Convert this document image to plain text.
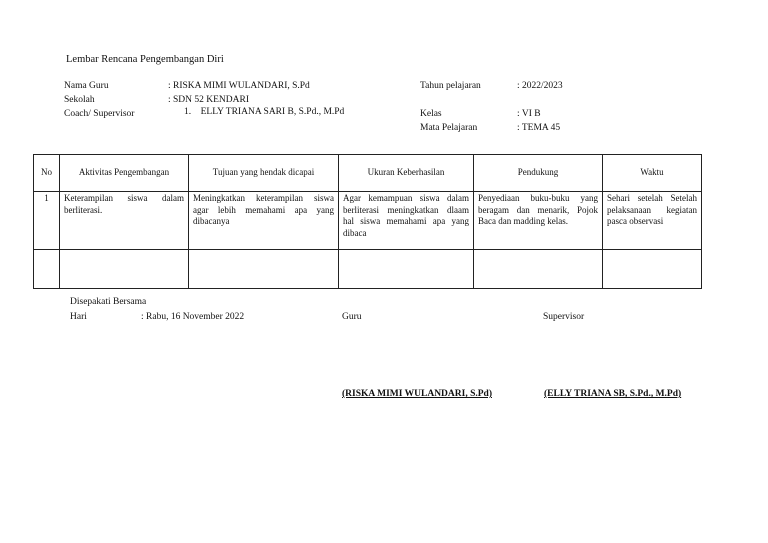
Lembar Rencana Pengembangan Diri
Nama Guru	: RISKA MIMI WULANDARI, S.Pd
Sekolah	: SDN 52 KENDARI
Coach/ Supervisor	1.    ELLY TRIANA SARI B, S.Pd., M.Pd
Tahun pelajaran	: 2022/2023
Kelas	: VI B
Mata Pelajaran	: TEMA 45
No	Aktivitas Pengembangan	Tujuan yang hendak dicapai	Ukuran Keberhasilan	Pendukung	Waktu
1	Keterampilan siswa dalam berliterasi.	Meningkatkan keterampilan siswa agar lebih memahami apa yang dibacanya	Agar kemampuan siswa dalam berliterasi meningkatkan dlaam hal siswa memahami apa yang dibaca	Penyediaan buku-buku yang beragam dan menarik, Pojok Baca dan madding kelas.	Sehari setelah Setelah pelaksanaan kegiatan pasca observasi

Disepakati Bersama
Hari	: Rabu, 16 November 2022	Guru	Supervisor
(RISKA MIMI WULANDARI, S.Pd)	(ELLY TRIANA SB, S.Pd., M.Pd)
